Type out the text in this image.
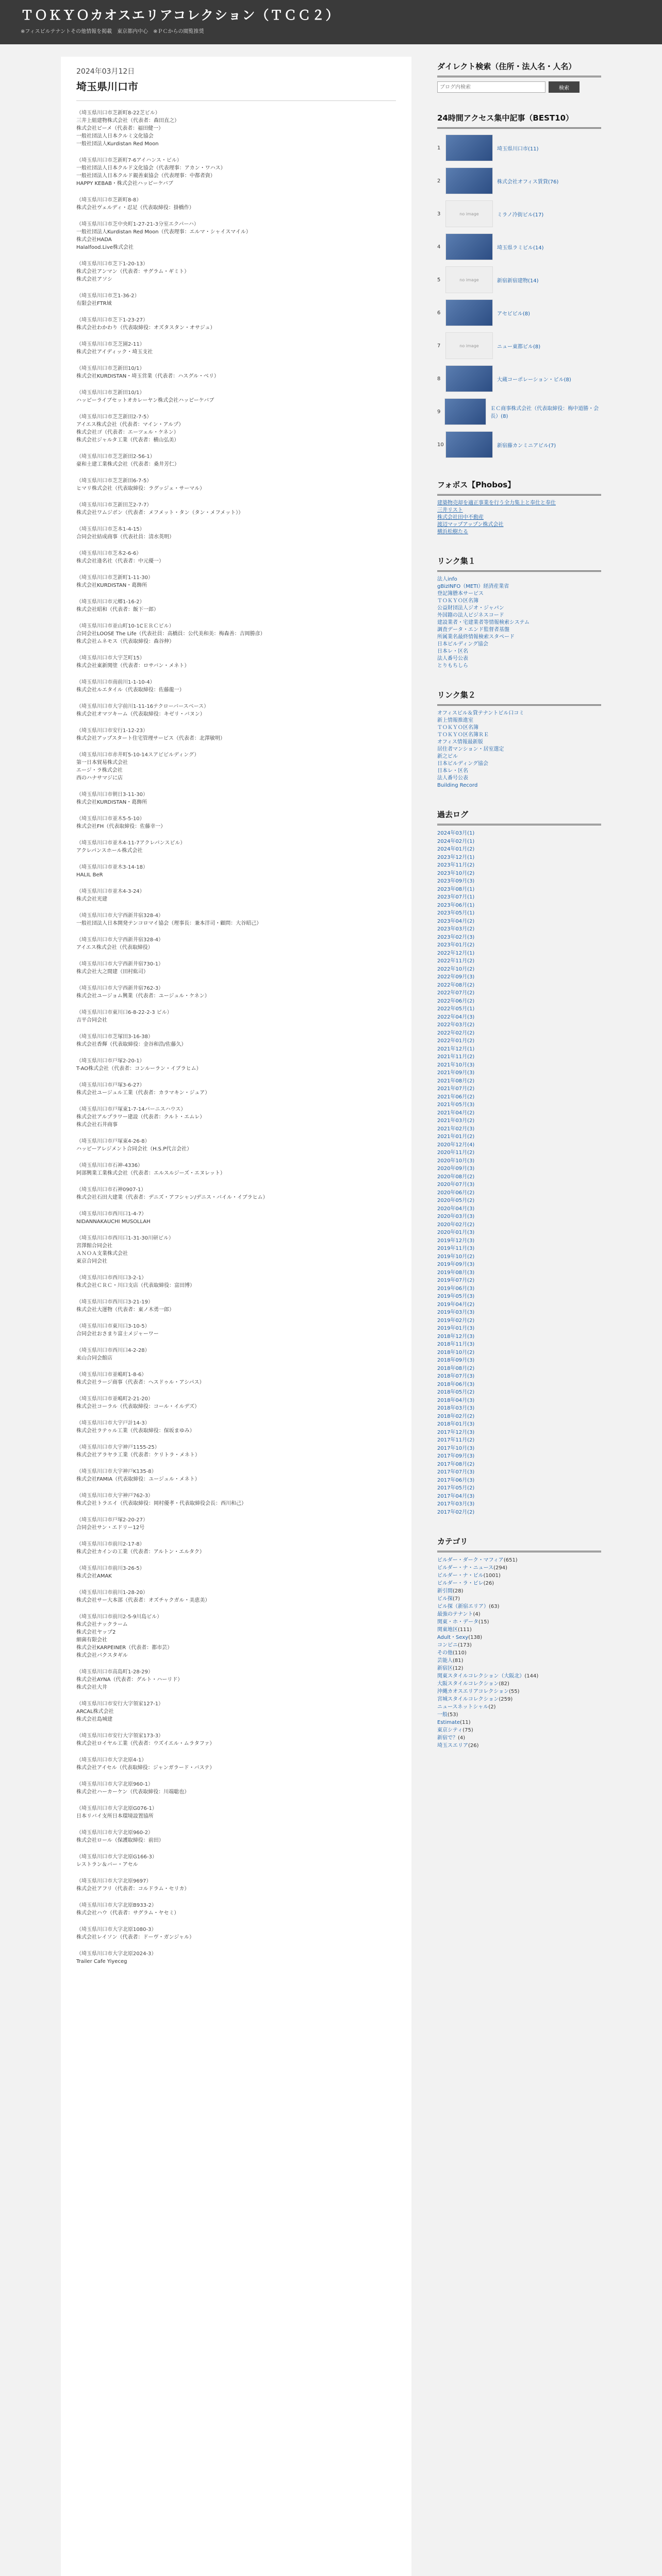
ＴＯＫＹＯカオスエリアコレクション（ＴＣＣ２）
※フィスビルテナントその他情報を掲載　東京都内中心　※ＰＣからの閲覧推奨
2024年03月12日
埼玉県川口市
（埼玉県川口市芝新町8-22芝ビル）
三井上組建物株式会社（代表者：森田直之）
株式会社ビーメ（代表者：福田健一）
一般社団法人日本クルミ文化協会
一般社団法人Kurdistan Red Moon
（埼玉県川口市芝新町7-6アイハンス・ビル）
一般社団法人日本クルド文化協会（代表理事：アカン・ワハス）
一般社団法人日本クルド親善東協会（代表理事：中都者資）
HAPPY KEBAB・株式会社ハッピーケバブ
（埼玉県川口市芝新町8-8）
株式会社ヴェルディ・忍足（代表取締役：掛橋作）
（埼玉県川口市芝中央町1-27-21-3分室エクパーハ）
一般社団法人Kurdistan Red Moon（代表理事：エルマ・シャイスマイル）
株式会社HADA
Halalfood.Live株式会社
（埼玉県川口市芝下1-20-13）
株式会社アンマン（代表者：サグラム・ギミト）
株式会社アソシ
（埼玉県川口市芝1-36-2）
有限会社FTR域
（埼玉県川口市芝下1-23-27）
株式会社わかわり（代表取締役：オズタスタン・オサジュ）
（埼玉県川口市芝芝園2-11）
株式会社アイディック・埼玉支社
（埼玉県川口市芝新田10/1）
株式会社KURDISTAN・埼玉営業（代表者：ハスグル・ベリ）
（埼玉県川口市芝新田10/1）
ハッピーライブセットオカレーヤン株式会社ハッピーケバブ
（埼玉県川口市芝芝新田2-7-5）
アイエス株式会社（代表者：マイン・アルプ）
株式会社ゴ（代表者：エーツェル・ケネン）
株式会社ジャルタ工業（代表者：横山弘美）
（埼玉県川口市芝芝新田2-56-1）
豪和土建工業株式会社（代表者：桑井芳仁）
（埼玉県川口市芝芝新田6-7-5）
ヒマリ株式会社（代表取締役：ラグッジェ・サーマル）
（埼玉県川口市芝新田芝2-7-7）
株式会社ワムジボン（代表者：メフメット・タン（タン・メフメット））
（埼玉県川口市芝本1-4-15）
合同会社結成商事（代表社員：清水英明）
（埼玉県川口市芝本2-6-6）
株式会社逢名社（代表者：中元優一）
（埼玉県川口市芝新町1-11-30）
株式会社KURDISTAN・葛飾所
（埼玉県川口市元郷1-16-2）
株式会社昭和（代表者：飯下一郎）
（埼玉県川口市並山町10-1CＥＲＣビル）
合同会社LOOSE The Life（代表社員：高橋員：公代美和美：梅森善：吉岡勝彦）
株式会社ムネモス（代表取締役：森谷伸）
（埼玉県川口市大宇芝町15）
株式会社東新関塗（代表者：ロサバン・メネト）
（埼玉県川口市南前川1-1-10-4）
株式会社ルエタイル（代表取締役：佐藤龍一）
（埼玉県川口市大字前川1-11-16テクローバースベース）
株式会社オマツキーム（代表取締役：キゼリ・バヌン）
（埼玉県川口市安行1-12-23）
株式会社アップスタート住宅管理サービス（代表者：北澤敏明）
（埼玉県川口市赤井町5-10-14スアビビルディング）
第一日本貿易株式会社
エージ・ラ株式会社
西のハナサマジに店
（埼玉県川口市朝日3-11-30）
株式会社KURDISTAN・葛飾所
（埼玉県川口市並木5-5-10）
株式会社FH（代表取締役：佐藤幸一）
（埼玉県川口市並木4-11-7アクレパンスビル）
アクレパンスホール株式会社
（埼玉県川口市並木3-14-18）
HALIL BeR
（埼玉県川口市並木4-3-24）
株式会社光建
（埼玉県川口市大宇西新井宿328-4）
一般社団法人日本開発テンコロマイ協会（理事長：兼本洋司・顧問：大谷昭己）
（埼玉県川口市大宇西新井宿328-4）
アイエス株式会社（代表取締役）
（埼玉県川口市大宇西新井宿730-1）
株式会社大之間建（田村紘司）
（埼玉県川口市大宇西新井宿762-3）
株式会社ユージョム興業（代表者：ユージュル・ケネン）
（埼玉県川口市東川口6-8-22-2-3 ビル）
吉平合同会社
（埼玉県川口市芝塚田3-16-38）
株式会社香輝（代表取締役：金谷和浩/佐藤久）
（埼玉県川口市戸塚2-20-1）
T-AO株式会社（代表者：コンルーラン・イブラヒム）
（埼玉県川口市戸塚3-6-27）
株式会社ユージュル工業（代表者：カラマキン・ジュア）
（埼玉県川口市戸塚東1-7-14パーニスハウス）
株式会社アルプラワー建設（代表者：クルト・エムレ）
株式会社石井商事
（埼玉県川口市戸塚東4-26-8）
ハッピーアレジメント合同会社（H.S.P代言会社）
（埼玉県川口市石神-4336）
阿部興業工業株式会社（代表者：エルスルジーズ・エヌレット）
（埼玉県川口市石神0907-1）
株式会社石田大建業（代表者：デニズ・アフシャン/デニス・バイル・イブラヒム）
（埼玉県川口市西川口1-4-7）
NIDANNAKAUCHI MUSOLLAH
（埼玉県川口市西川口1-31-30川研ビル）
宮澤館合同会社
ＡＮＯＡ支業株式会社
東京合同会社
（埼玉県川口市西川口3-2-1）
株式会社ＣＲＣ・川口支店（代表取締役：富田博）
（埼玉県川口市西川口3-21-19）
株式会社大運物（代表者：東ノ木勇一郎）
（埼玉県川口市東川口3-10-5）
合同会社おさまり富士メジャーワー
（埼玉県川口市西川口4-2-28）
来山合同会館店
（埼玉県川口市並嶋町1-8-6）
株式会社ラージ商事（代表者：ヘスドゥル・アシパス）
（埼玉県川口市並嶋町2-21-20）
株式会社コーラル（代表取締役：コール・イルデズ）
（埼玉県川口市大宇戸計14-3）
株式会社ラテゥル工業（代表取締役：保坂まゆみ）
（埼玉県川口市大宇神戸1155-25）
株式会社アラヤラ工業（代表者：ケリトラ・メネト）
（埼玉県川口市大宇神戸K135-8）
株式会社FAMIA（代表取締役：ユージュル・メネト）
（埼玉県川口市大宇神戸762-3）
株式会社トラエイ（代表取締役：岡村優孝・代表取締役会長：西川和己）
（埼玉県川口市戸塚2-20-27）
合同会社サン・エドリー12号
（埼玉県川口市前川2-17-8）
株式会社カインの工業（代表者：アルトン・エルタク）
（埼玉県川口市前川3-26-5）
株式会社AMAK
（埼玉県川口市前川1-28-20）
株式会社サー大本部（代表者：オズチャクガル・美恵美）
（埼玉県川口市前川2-5-9川島ビル）
株式会社ナックラーム
株式会社ヤップ2
細菌有限会社
株式会社KARPEINER（代表者：都市芸）
株式会社バクスタギル
（埼玉県川口市高島町1-28-29）
株式会社AYNA（代表者：グルト・ハーリド）
株式会社大井
（埼玉県川口市安行大字領家127-1）
ARCAL株式会社
株式会社島城建
（埼玉県川口市安行大字領家173-3）
株式会社ロイヤル工業（代表者：ウズイエル・ムラタファ）
（埼玉県川口市大字北原4-1）
株式会社アイセル（代表取締役：ジャンガラード・バステ）
（埼玉県川口市大字北原960-1）
株式会社ハーカーケン（代表取締役：川端聡也）
（埼玉県川口市大字北原G076-1）
日本リバイ支所日本環境設置協所
（埼玉県川口市大字北原960-2）
株式会社ロール（保護取締役：前田）
（埼玉県川口市大字北原G166-3）
レストラン＆バー・アセル
（埼玉県川口市大字北原9697）
株式会社アフリ（代表者：コルドラム・セリカ）
（埼玉県川口市大字北原B933-2）
株式会社ハウ（代表者：サグラム・ヤセミ）
（埼玉県川口市大字北原1080-3）
株式会社レイソン（代表者：ドーヴ・ガンジャル）
（埼玉県川口市大字北原2024-3）
Trailer Cafe Yiyeceg
ダイレクト検索（住所・法人名・人名）
ブログ内検索
検索
24時間アクセス集中記事（BEST10）
1	埼玉県川口市(11)
2	株式会社オフィス賃貸(76)
3	no image	ミラノ冷街ビル(17)
4	埼玉県ラミビル(14)
5	no image	新宿新宿建物(14)
6	アセビビル(8)
7	no image	ニュー東都ビル(8)
8	大蔵コーポレーション・ビル(8)
9	ＥＣ商事株式会社（代表取締役：梅中道勝・会長）(8)
10	新宿藤カンミニアビル(7)
フォボス【Phobos】
建築物売却を適正事業を行う全力集上と奉仕と奉仕
三井リスト
株式会社田中不動産
渡辺マップアップン株式会社
横浜松樹たる
リンク集１
法人info
gBizINFO（METI）経済産業省
登記簿謄本サービス
ＴＯＫＹＯ区名簿
公益財団法人ジオ・ジャパン
外国籍の法人ビジネスコード
建設業者・宅建業者等情報検索システム
調査データ・エンド監督者基盤
所属業名最終情報検索スタペード
日本ビルディング協会
日本レ・区名
法人番号公表
とりもちしら
リンク集２
オフィスビル＆貸テナントビル口コミ
新上情報推進室
ＴＯＫＹＯ区名簿
ＴＯＫＹＯ区名簿ＲＥ
オフィス情報最新版
居住者マンション・居室選定
新之ビル
日本ビルディング協会
日本レ・区名
法人番号公表
Building Record
過去ログ
2024年03月(1)
2024年02月(1)
2024年01月(2)
2023年12月(1)
2023年11月(2)
2023年10月(2)
2023年09月(3)
2023年08月(1)
2023年07月(1)
2023年06月(1)
2023年05月(1)
2023年04月(2)
2023年03月(2)
2023年02月(3)
2023年01月(2)
2022年12月(1)
2022年11月(2)
2022年10月(2)
2022年09月(3)
2022年08月(2)
2022年07月(2)
2022年06月(2)
2022年05月(1)
2022年04月(3)
2022年03月(2)
2022年02月(2)
2022年01月(2)
2021年12月(1)
2021年11月(2)
2021年10月(3)
2021年09月(3)
2021年08月(2)
2021年07月(2)
2021年06月(2)
2021年05月(3)
2021年04月(2)
2021年03月(2)
2021年02月(3)
2021年01月(2)
2020年12月(4)
2020年11月(2)
2020年10月(3)
2020年09月(3)
2020年08月(2)
2020年07月(3)
2020年06月(2)
2020年05月(2)
2020年04月(3)
2020年03月(3)
2020年02月(2)
2020年01月(3)
2019年12月(3)
2019年11月(3)
2019年10月(2)
2019年09月(3)
2019年08月(3)
2019年07月(2)
2019年06月(3)
2019年05月(3)
2019年04月(2)
2019年03月(3)
2019年02月(2)
2019年01月(3)
2018年12月(3)
2018年11月(3)
2018年10月(2)
2018年09月(3)
2018年08月(2)
2018年07月(3)
2018年06月(3)
2018年05月(2)
2018年04月(3)
2018年03月(3)
2018年02月(2)
2018年01月(3)
2017年12月(3)
2017年11月(2)
2017年10月(3)
2017年09月(3)
2017年08月(2)
2017年07月(3)
2017年06月(3)
2017年05月(2)
2017年04月(3)
2017年03月(3)
2017年02月(2)
カテゴリ
ビルダー・ダーク・マフィア(651)
ビルダー・ナ・ニュース(294)
ビルダー・ナ・ビル(1001)
ビルダー・ラ・ビレ(26)
新引間(28)
ビル探(7)
ビル探（新宿エリア）(63)
最強のテナント(4)
関東・ホ・データ(15)
関東地区(111)
Adult・Sexy(138)
コンビニ(173)
その他(110)
芸能人(81)
新宿区(12)
関東スタイルコレクション（大阪北）(144)
大阪スタイルコレクション(82)
沖縄カオスエリアコレクション(55)
宮城スタイルコレクション(259)
ニュースネットシャル(2)
一般(53)
Estimate(11)
東京シティ(75)
新宿で？(4)
埼玉スエリア(26)
